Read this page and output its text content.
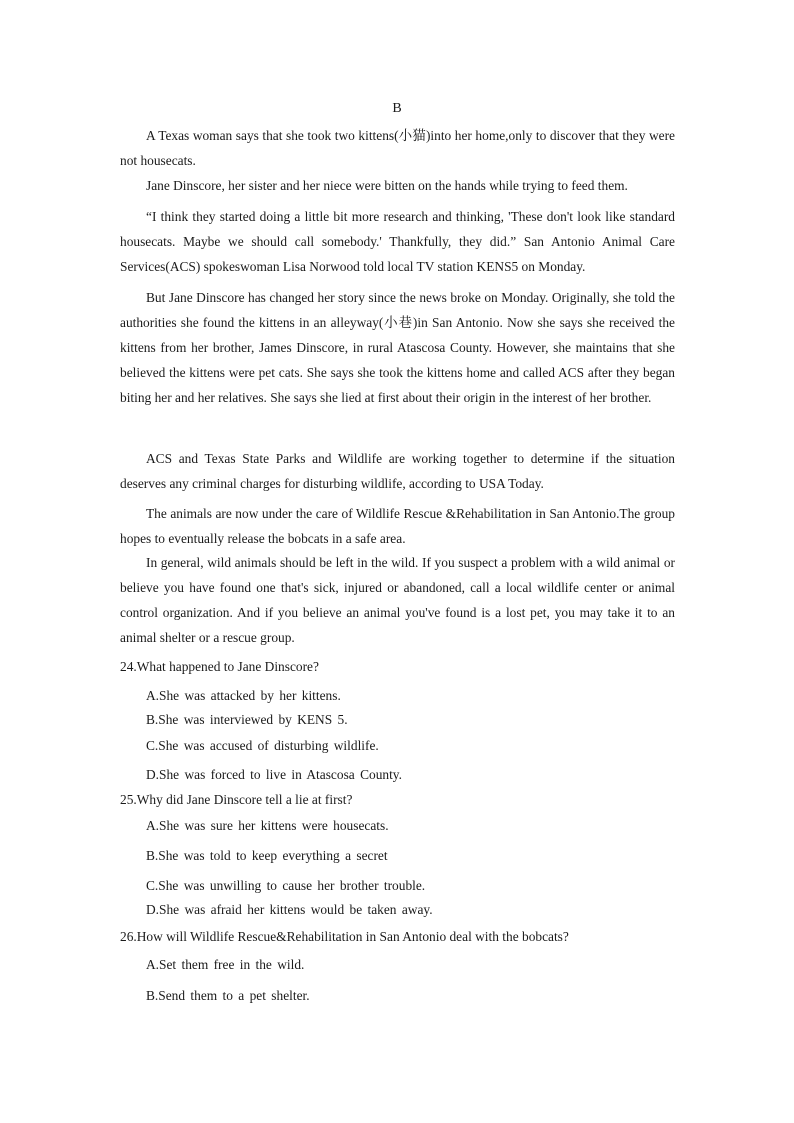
B

A Texas woman says that she took two kittens(小猫)into her home,only to discover that they were not housecats.

Jane Dinscore, her sister and her niece were bitten on the hands while trying to feed them.

“I think they started doing a little bit more research and thinking, 'These don't look like standard housecats. Maybe we should call somebody.' Thankfully, they did.” San Antonio Animal Care Services(ACS) spokeswoman Lisa Norwood told local TV station KENS5 on Monday.

But Jane Dinscore has changed her story since the news broke on Monday. Originally, she told the authorities she found the kittens in an alleyway(小巷)in San Antonio. Now she says she received the kittens from her brother, James Dinscore, in rural Atascosa County. However, she maintains that she believed the kittens were pet cats. She says she took the kittens home and called ACS after they began biting her and her relatives. She says she lied at first about their origin in the interest of her brother.

ACS and Texas State Parks and Wildlife are working together to determine if the situation deserves any criminal charges for disturbing wildlife, according to USA Today.

The animals are now under the care of Wildlife Rescue &Rehabilitation in San Antonio.The group hopes to eventually release the bobcats in a safe area.

In general, wild animals should be left in the wild. If you suspect a problem with a wild animal or believe you have found one that's sick, injured or abandoned, call a local wildlife center or animal control organization. And if you believe an animal you've found is a lost pet, you may take it to an animal shelter or a rescue group.

24.What happened to Jane Dinscore?
A.She was attacked by her kittens.
B.She was interviewed by KENS 5.
C.She was accused of disturbing wildlife.
D.She was forced to live in Atascosa County.
25.Why did Jane Dinscore tell a lie at first?
A.She was sure her kittens were housecats.
B.She was told to keep everything a secret
C.She was unwilling to cause her brother trouble.
D.She was afraid her kittens would be taken away.
26.How will Wildlife Rescue&Rehabilitation in San Antonio deal with the bobcats?
A.Set them free in the wild.
B.Send them to a pet shelter.
